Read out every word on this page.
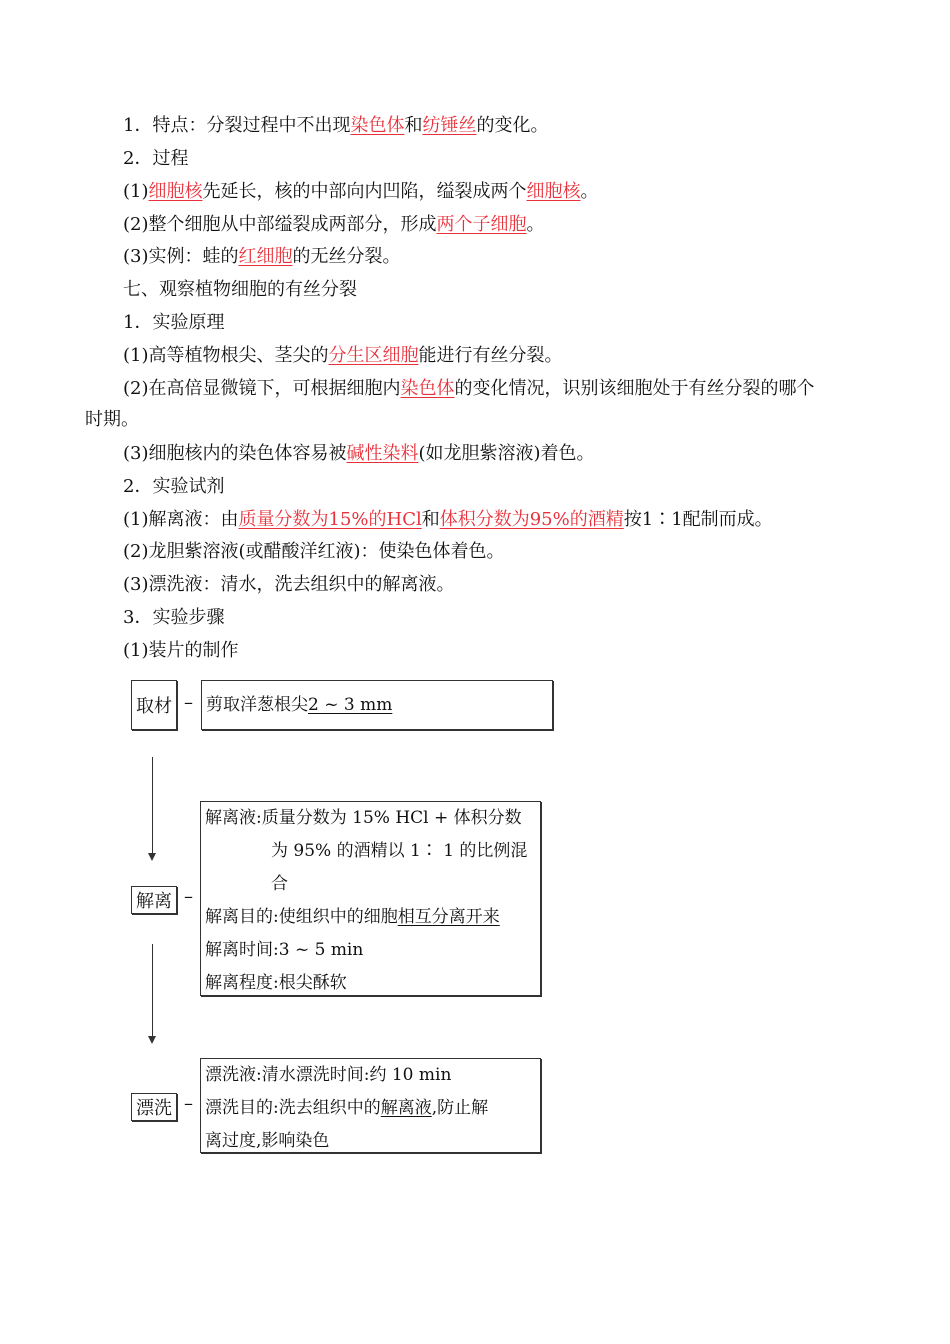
1．特点：分裂过程中不出现染色体和纺锤丝的变化。
2．过程
(1)细胞核先延长，核的中部向内凹陷，缢裂成两个细胞核。
(2)整个细胞从中部缢裂成两部分，形成两个子细胞。
(3)实例：蛙的红细胞的无丝分裂。
七、观察植物细胞的有丝分裂
1．实验原理
(1)高等植物根尖、茎尖的分生区细胞能进行有丝分裂。
(2)在高倍显微镜下，可根据细胞内染色体的变化情况，识别该细胞处于有丝分裂的哪个
时期。
(3)细胞核内的染色体容易被碱性染料(如龙胆紫溶液)着色。
2．实验试剂
(1)解离液：由质量分数为15%的HCl和体积分数为95%的酒精按1∶1配制而成。
(2)龙胆紫溶液(或醋酸洋红液)：使染色体着色。
(3)漂洗液：清水，洗去组织中的解离液。
3．实验步骤
(1)装片的制作
取材 – 剪取洋葱根尖2 ~ 3 mm
解离 –
解离液:质量分数为 15% HCl + 体积分数
为 95% 的酒精以 1∶ 1 的比例混
合
解离目的:使组织中的细胞相互分离开来
解离时间:3 ~ 5 min
解离程度:根尖酥软
漂洗 –
漂洗液:清水漂洗时间:约 10 min
漂洗目的:洗去组织中的解离液,防止解
离过度,影响染色
